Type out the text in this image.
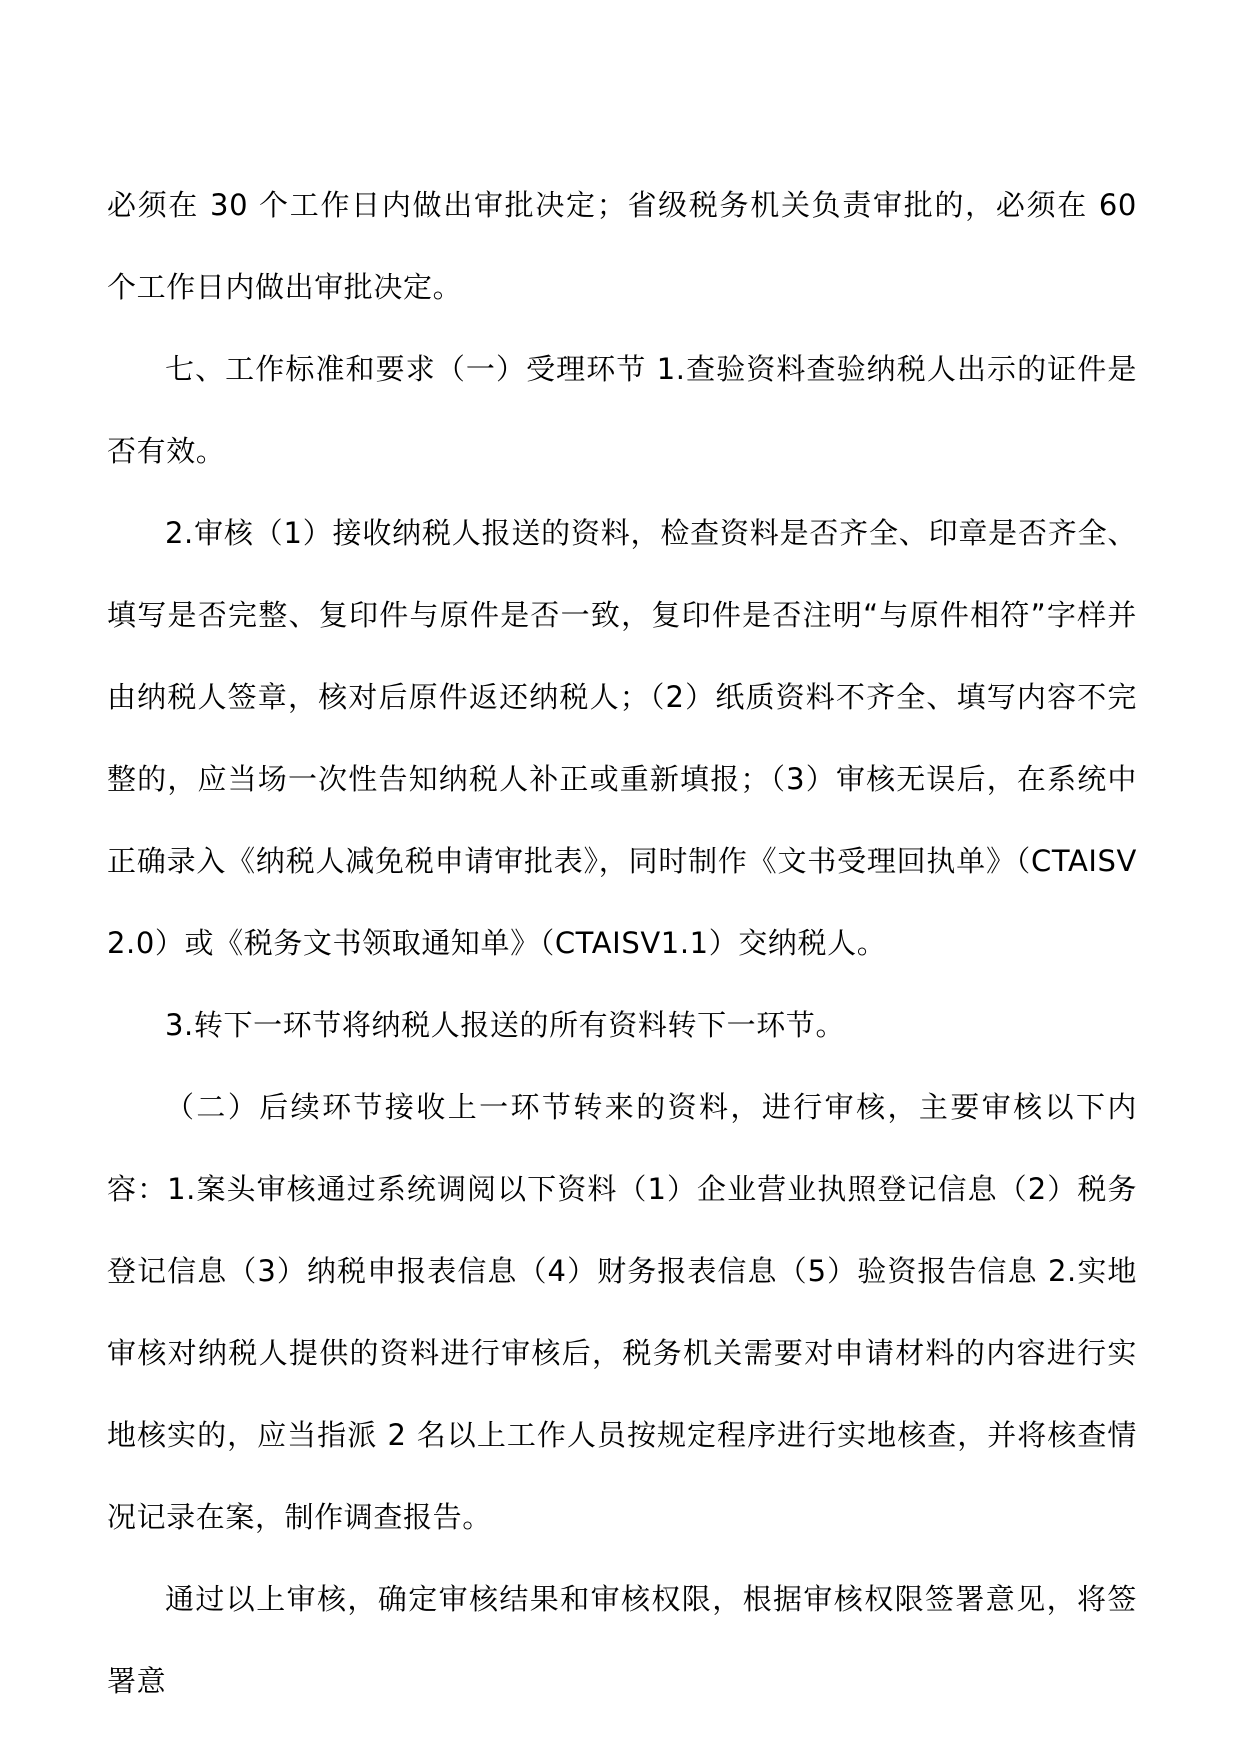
必须在 30 个工作日内做出审批决定；省级税务机关负责审批的，必须在 60 个工作日内做出审批决定。

七、工作标准和要求（一）受理环节 1.查验资料查验纳税人出示的证件是否有效。

2.审核（1）接收纳税人报送的资料，检查资料是否齐全、印章是否齐全、填写是否完整、复印件与原件是否一致，复印件是否注明“与原件相符”字样并由纳税人签章，核对后原件返还纳税人；（2）纸质资料不齐全、填写内容不完整的，应当场一次性告知纳税人补正或重新填报；（3）审核无误后，在系统中正确录入《纳税人减免税申请审批表》，同时制作《文书受理回执单》（CTAISV2.0）或《税务文书领取通知单》（CTAISV1.1）交纳税人。

3.转下一环节将纳税人报送的所有资料转下一环节。

（二）后续环节接收上一环节转来的资料，进行审核，主要审核以下内容：1.案头审核通过系统调阅以下资料（1）企业营业执照登记信息（2）税务登记信息（3）纳税申报表信息（4）财务报表信息（5）验资报告信息 2.实地审核对纳税人提供的资料进行审核后，税务机关需要对申请材料的内容进行实地核实的，应当指派 2 名以上工作人员按规定程序进行实地核查，并将核查情况记录在案，制作调查报告。

通过以上审核，确定审核结果和审核权限，根据审核权限签署意见，将签署意
